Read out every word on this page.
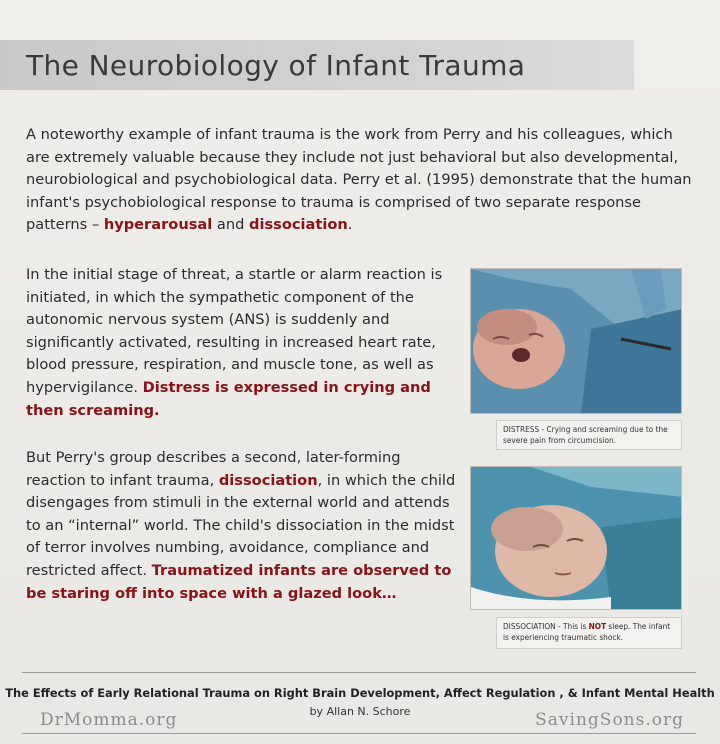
The Neurobiology of Infant Trauma

A noteworthy example of infant trauma is the work from Perry and his colleagues, which are extremely valuable because they include not just behavioral but also developmental, neurobiological and psychobiological data. Perry et al. (1995) demonstrate that the human infant's psychobiological response to trauma is comprised of two separate response patterns – hyperarousal and dissociation.

In the initial stage of threat, a startle or alarm reaction is initiated, in which the sympathetic component of the autonomic nervous system (ANS) is suddenly and significantly activated, resulting in increased heart rate, blood pressure, respiration, and muscle tone, as well as hypervigilance. Distress is expressed in crying and then screaming.

DISTRESS - Crying and screaming due to the severe pain from circumcision.

But Perry's group describes a second, later-forming reaction to infant trauma, dissociation, in which the child disengages from stimuli in the external world and attends to an “internal” world. The child's dissociation in the midst of terror involves numbing, avoidance, compliance and restricted affect. Traumatized infants are observed to be staring off into space with a glazed look…

DISSOCIATION - This is NOT sleep. The infant is experiencing traumatic shock.
The Effects of Early Relational Trauma on Right Brain Development, Affect Regulation , & Infant Mental Health
by Allan N. Schore
DrMomma.org	SavingSons.org
